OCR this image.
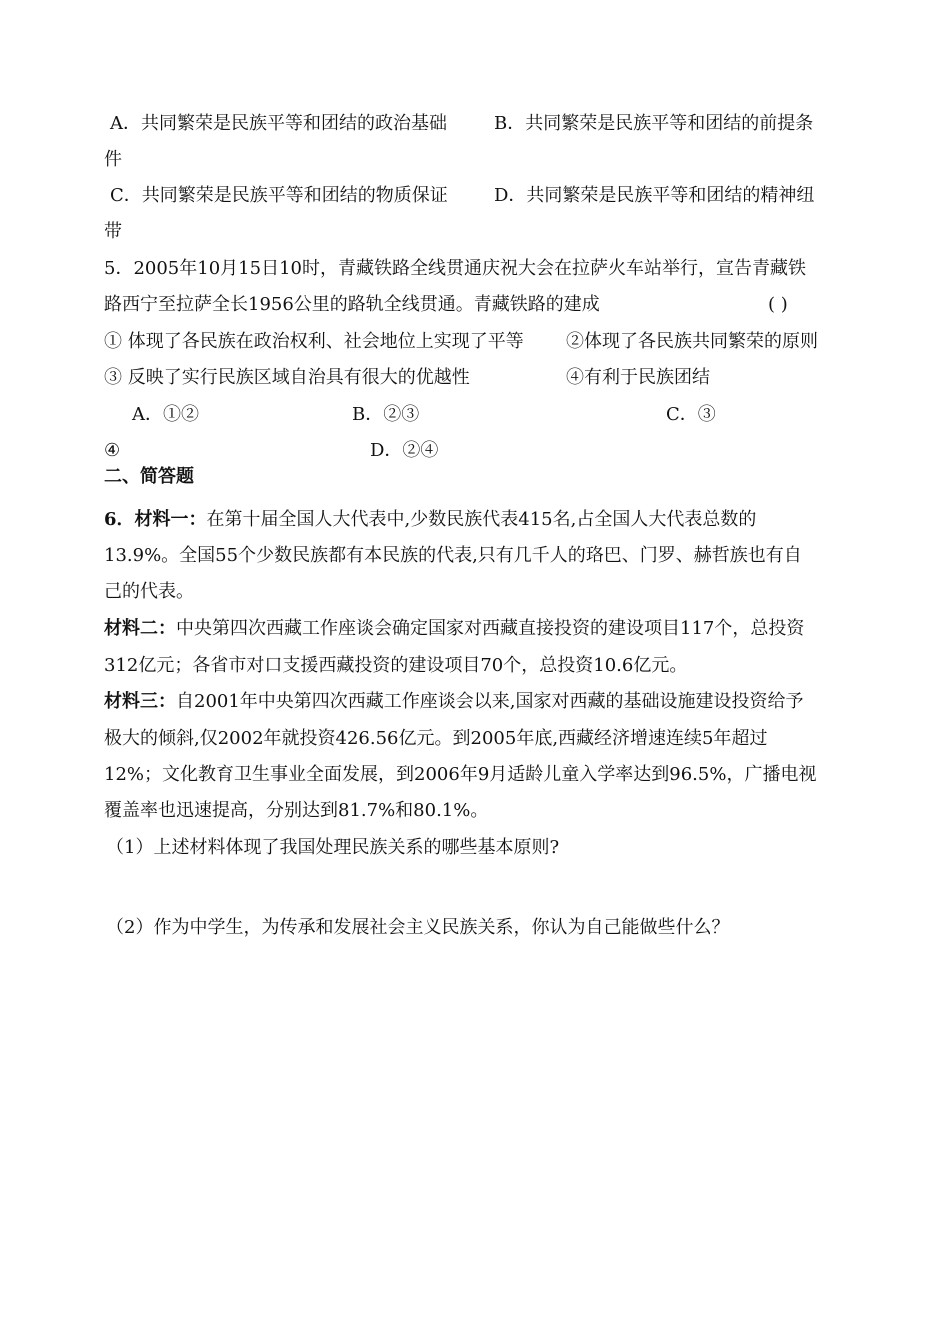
A．共同繁荣是民族平等和团结的政治基础	B．共同繁荣是民族平等和团结的前提条
件
C．共同繁荣是民族平等和团结的物质保证	D．共同繁荣是民族平等和团结的精神纽
带
5．2005年10月15日10时，青藏铁路全线贯通庆祝大会在拉萨火车站举行，宣告青藏铁
路西宁至拉萨全长1956公里的路轨全线贯通。青藏铁路的建成	( )
① 体现了各民族在政治权利、社会地位上实现了平等 ②体现了各民族共同繁荣的原则
③ 反映了实行民族区域自治具有很大的优越性	④有利于民族团结
A．①②	B．②③	C．③
④	D．②④
二、简答题
6．材料一：在第十届全国人大代表中,少数民族代表415名,占全国人大代表总数的
13.9%。全国55个少数民族都有本民族的代表,只有几千人的珞巴、门罗、赫哲族也有自
己的代表。
材料二：中央第四次西藏工作座谈会确定国家对西藏直接投资的建设项目117个，总投资
312亿元；各省市对口支援西藏投资的建设项目70个，总投资10.6亿元。
材料三：自2001年中央第四次西藏工作座谈会以来,国家对西藏的基础设施建设投资给予
极大的倾斜,仅2002年就投资426.56亿元。到2005年底,西藏经济增速连续5年超过
12%；文化教育卫生事业全面发展，到2006年9月适龄儿童入学率达到96.5%，广播电视
覆盖率也迅速提高，分别达到81.7%和80.1%。
（1）上述材料体现了我国处理民族关系的哪些基本原则?
（2）作为中学生，为传承和发展社会主义民族关系，你认为自己能做些什么？
